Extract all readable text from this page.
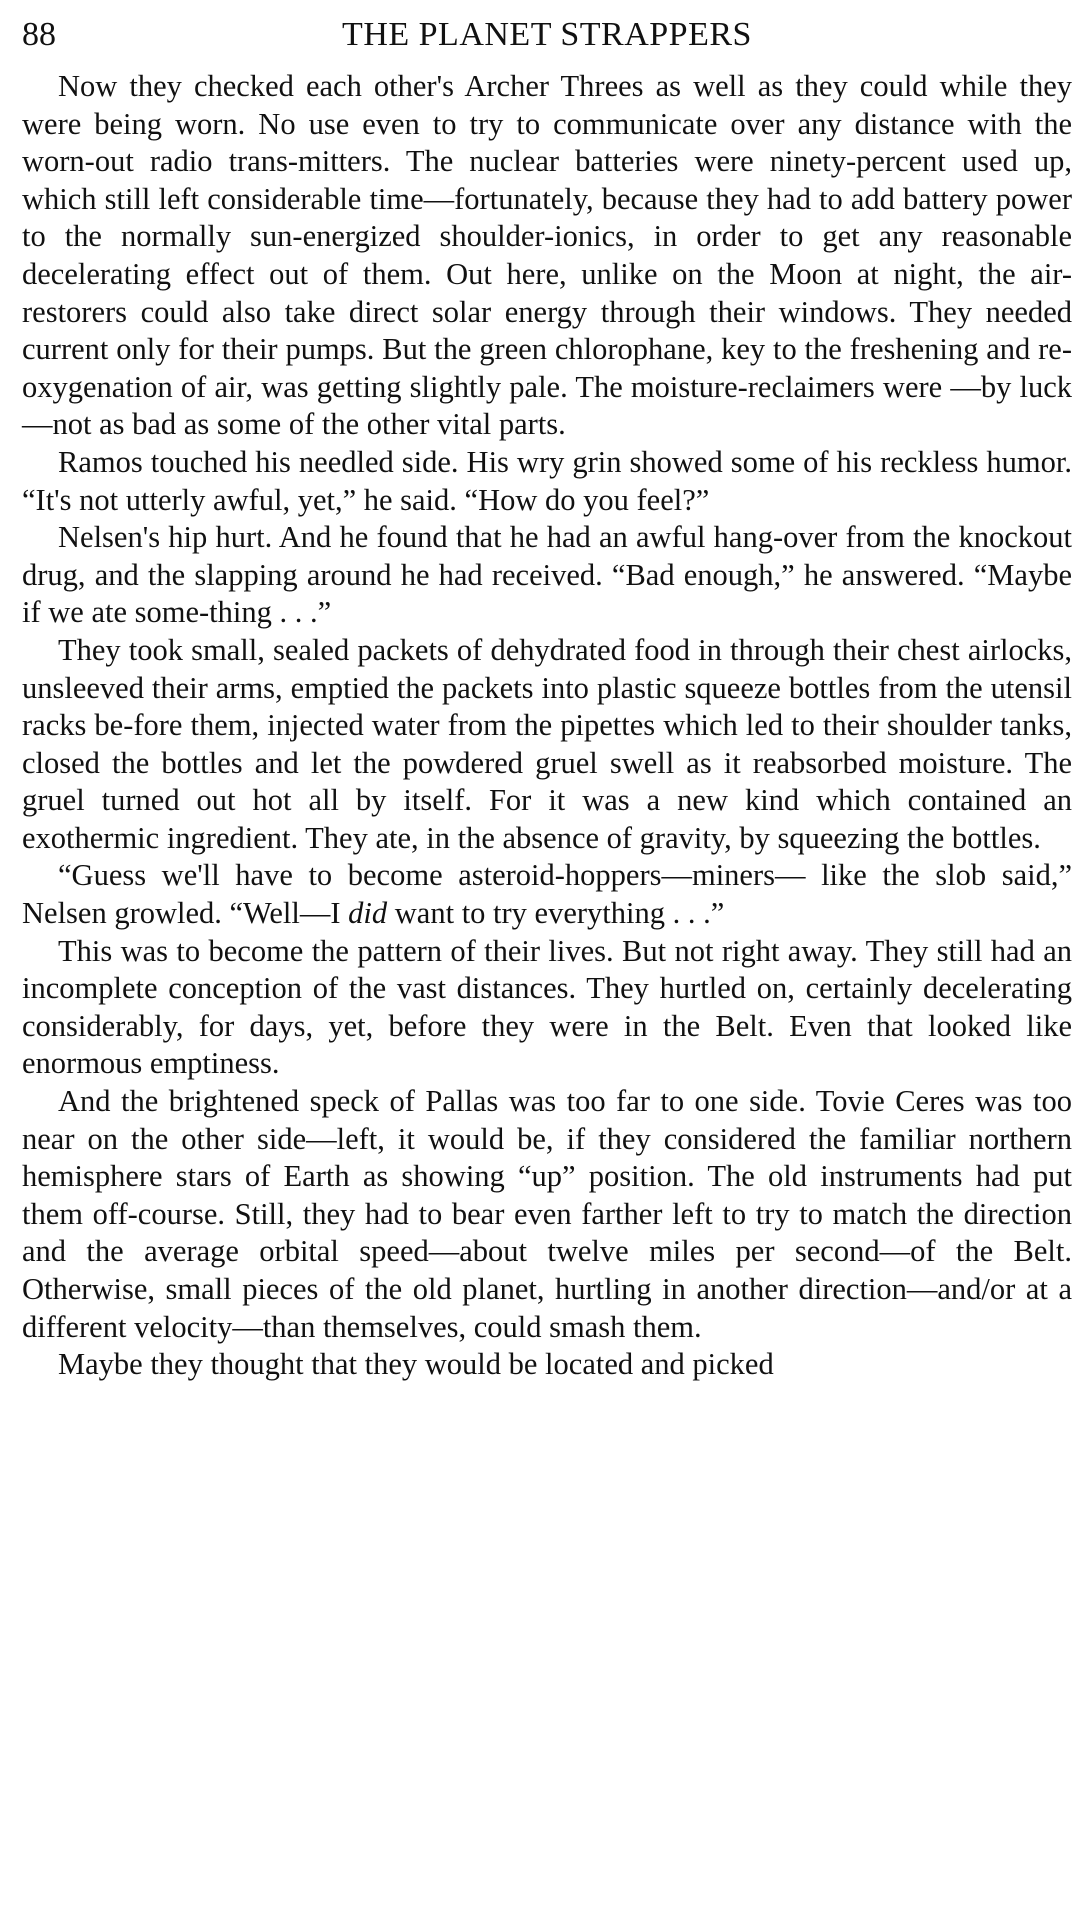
88	THE PLANET STRAPPERS

Now they checked each other's Archer Threes as well as they could while they were being worn. No use even to try to communicate over any distance with the worn-out radio trans-mitters. The nuclear batteries were ninety-percent used up, which still left considerable time—fortunately, because they had to add battery power to the normally sun-energized shoulder-ionics, in order to get any reasonable decelerating effect out of them. Out here, unlike on the Moon at night, the air-restorers could also take direct solar energy through their windows. They needed current only for their pumps. But the green chlorophane, key to the freshening and re-oxygenation of air, was getting slightly pale. The moisture-reclaimers were —by luck—not as bad as some of the other vital parts.

Ramos touched his needled side. His wry grin showed some of his reckless humor. “It's not utterly awful, yet,” he said. “How do you feel?”

Nelsen's hip hurt. And he found that he had an awful hang-over from the knockout drug, and the slapping around he had received. “Bad enough,” he answered. “Maybe if we ate some-thing . . .”

They took small, sealed packets of dehydrated food in through their chest airlocks, unsleeved their arms, emptied the packets into plastic squeeze bottles from the utensil racks be-fore them, injected water from the pipettes which led to their shoulder tanks, closed the bottles and let the powdered gruel swell as it reabsorbed moisture. The gruel turned out hot all by itself. For it was a new kind which contained an exothermic ingredient. They ate, in the absence of gravity, by squeezing the bottles.

“Guess we'll have to become asteroid-hoppers—miners— like the slob said,” Nelsen growled. “Well—I did want to try everything . . .”

This was to become the pattern of their lives. But not right away. They still had an incomplete conception of the vast distances. They hurtled on, certainly decelerating considerably, for days, yet, before they were in the Belt. Even that looked like enormous emptiness.

And the brightened speck of Pallas was too far to one side. Tovie Ceres was too near on the other side—left, it would be, if they considered the familiar northern hemisphere stars of Earth as showing “up” position. The old instruments had put them off-course. Still, they had to bear even farther left to try to match the direction and the average orbital speed—about twelve miles per second—of the Belt. Otherwise, small pieces of the old planet, hurtling in another direction—and/or at a different velocity—than themselves, could smash them.

Maybe they thought that they would be located and picked
